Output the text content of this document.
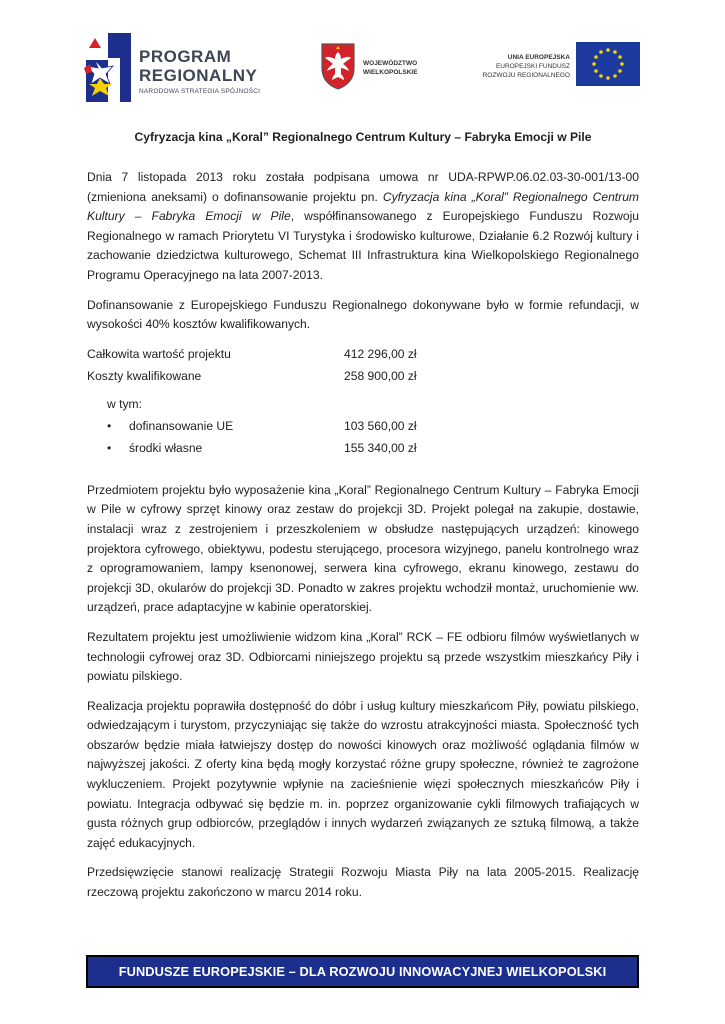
PROGRAM
REGIONALNY
NARODOWA STRATEGIA SPÓJNOŚCI
WOJEWÓDZTWO
WIELKOPOLSKIE
UNIA EUROPEJSKA
EUROPEJSKI FUNDUSZ
ROZWOJU REGIONALNEGO

Cyfryzacja kina „Koral” Regionalnego Centrum Kultury – Fabryka Emocji w Pile

Dnia 7 listopada 2013 roku została podpisana umowa nr UDA-RPWP.06.02.03-30-001/13-00 (zmieniona aneksami) o dofinansowanie projektu pn. Cyfryzacja kina „Koral” Regionalnego Centrum Kultury – Fabryka Emocji w Pile, współfinansowanego z Europejskiego Funduszu Rozwoju Regionalnego w ramach Priorytetu VI Turystyka i środowisko kulturowe, Działanie 6.2 Rozwój kultury i zachowanie dziedzictwa kulturowego, Schemat III Infrastruktura kina Wielkopolskiego Regionalnego Programu Operacyjnego na lata 2007-2013.

Dofinansowanie z Europejskiego Funduszu Regionalnego dokonywane było w formie refundacji, w wysokości 40% kosztów kwalifikowanych.

Całkowita wartość projektu	412 296,00 zł
Koszty kwalifikowane	258 900,00 zł
w tym:
• dofinansowanie UE	103 560,00 zł
• środki własne	155 340,00 zł

Przedmiotem projektu było wyposażenie kina „Koral” Regionalnego Centrum Kultury – Fabryka Emocji w Pile w cyfrowy sprzęt kinowy oraz zestaw do projekcji 3D. Projekt polegał na zakupie, dostawie, instalacji wraz z zestrojeniem i przeszkoleniem w obsłudze następujących urządzeń: kinowego projektora cyfrowego, obiektywu, podestu sterującego, procesora wizyjnego, panelu kontrolnego wraz z oprogramowaniem, lampy ksenonowej, serwera kina cyfrowego, ekranu kinowego, zestawu do projekcji 3D, okularów do projekcji 3D. Ponadto w zakres projektu wchodził montaż, uruchomienie ww. urządzeń, prace adaptacyjne w kabinie operatorskiej.

Rezultatem projektu jest umożliwienie widzom kina „Koral” RCK – FE odbioru filmów wyświetlanych w technologii cyfrowej oraz 3D. Odbiorcami niniejszego projektu są przede wszystkim mieszkańcy Piły i powiatu pilskiego.

Realizacja projektu poprawiła dostępność do dóbr i usług kultury mieszkańcom Piły, powiatu pilskiego, odwiedzającym i turystom, przyczyniając się także do wzrostu atrakcyjności miasta. Społeczność tych obszarów będzie miała łatwiejszy dostęp do nowości kinowych oraz możliwość oglądania filmów w najwyższej jakości. Z oferty kina będą mogły korzystać różne grupy społeczne, również te zagrożone wykluczeniem. Projekt pozytywnie wpłynie na zacieśnienie więzi społecznych mieszkańców Piły i powiatu. Integracja odbywać się będzie m. in. poprzez organizowanie cykli filmowych trafiających w gusta różnych grup odbiorców, przeglądów i innych wydarzeń związanych ze sztuką filmową, a także zajęć edukacyjnych.

Przedsięwzięcie stanowi realizację Strategii Rozwoju Miasta Piły na lata 2005-2015. Realizację rzeczową projektu zakończono w marcu 2014 roku.

FUNDUSZE EUROPEJSKIE – DLA ROZWOJU INNOWACYJNEJ WIELKOPOLSKI
